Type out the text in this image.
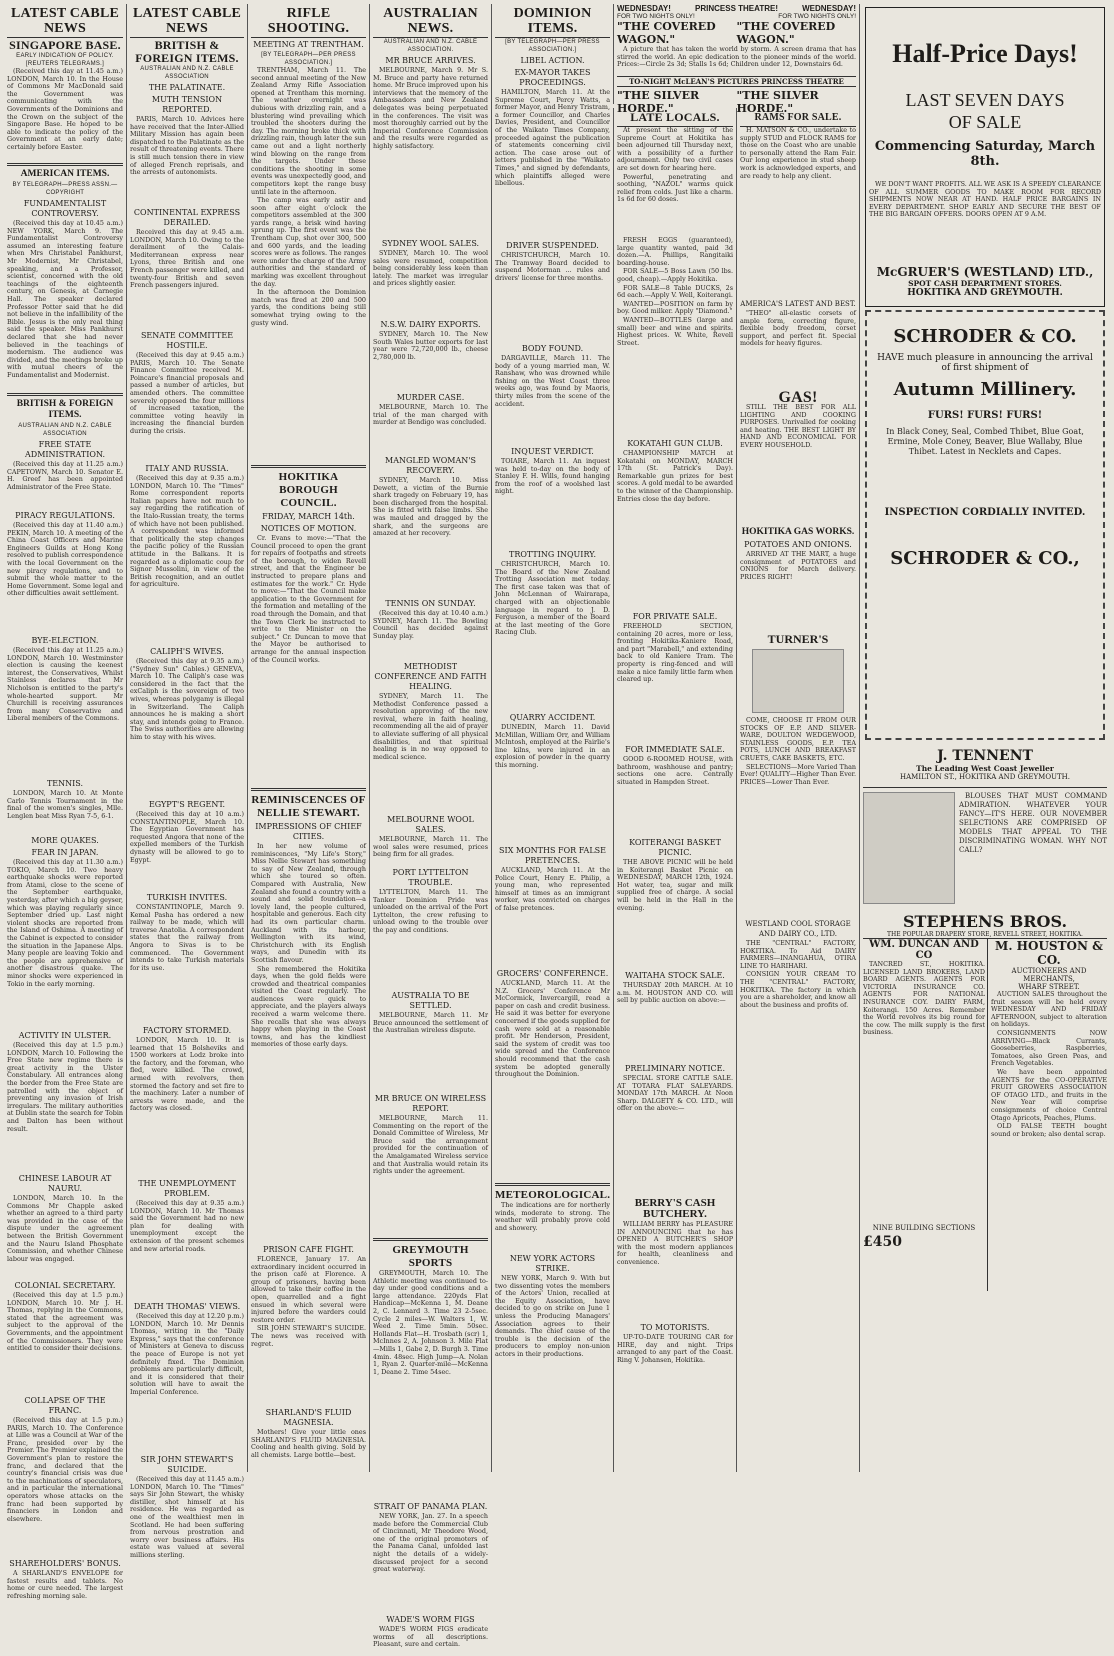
LATEST CABLE NEWS
SINGAPORE BASE.
EARLY INDICATION OF POLICY.
[REUTERS TELEGRAMS.]

(Received this day at 11.45 a.m.) LONDON, March 10. In the House of Commons Mr MacDonald said the Government was communicating with the Governments of the Dominions and the Crown on the subject of the Singapore Base. He hoped to be able to indicate the policy of the Government at an early date; certainly before Easter.

AMERICAN ITEMS.
BY TELEGRAPH—PRESS ASSN.—COPYRIGHT
FUNDAMENTALIST CONTROVERSY.

(Received this day at 10.45 a.m.) NEW YORK, March 9. The Fundamentalist Controversy assumed an interesting feature when Mrs Christabel Pankhurst, Mr Modernist, Mr Christabel, speaking, and a Professor, scientist, concerned with the old teachings of the eighteenth century, on Genesis, at Carnegie Hall. The speaker declared Professor Potter said that he did not believe in the infallibility of the Bible. Jesus is the only real thing said the speaker. Miss Pankhurst declared that she had never believed in the teachings of modernism. The audience was divided, and the meetings broke up with mutual cheers of the Fundamentalist and Modernist.

BRITISH & FOREIGN ITEMS.
AUSTRALIAN AND N.Z. CABLE ASSOCIATION
FREE STATE ADMINISTRATION.

(Received this day at 11.25 a.m.) CAPETOWN, March 10. Senator E. H. Greef has been appointed Administrator of the Free State.

PIRACY REGULATIONS.

(Received this day at 11.40 a.m.) PEKIN, March 10. A meeting of the China Coast Officers and Marine Engineers Guilds at Hong Kong resolved to publish correspondence with the local Government on the new piracy regulations, and to submit the whole matter to the Home Government. Some legal and other difficulties await settlement.

BYE-ELECTION.

(Received this day at 11.25 a.m.) LONDON, March 10. Westminster election is causing the keenest interest, the Conservatives, Whilst Stainless declares that Mr Nicholson is entitled to the party's whole-hearted support. Mr Churchill is receiving assurances from many Conservative and Liberal members of the Commons.

TENNIS.

LONDON, March 10. At Monte Carlo Tennis Tournament in the final of the women's singles, Mlle. Lenglen beat Miss Ryan 7-5, 6-1.

MORE QUAKES.
FEAR IN JAPAN.

(Received this day at 11.30 a.m.) TOKIO, March 10. Two heavy earthquake shocks were reported from Atami, close to the scene of the September earthquake, yesterday, after which a big geyser, which was playing regularly since September dried up. Last night violent shocks are reported from the Island of Oshima. A meeting of the Cabinet is expected to consider the situation in the Japanese Alps. Many people are leaving Tokio and the people are apprehensive of another disastrous quake. The minor shocks were experienced in Tokio in the early morning.

ACTIVITY IN ULSTER.

(Received this day at 1.5 p.m.) LONDON, March 10. Following the Free State new regime there is great activity in the Ulster Constabulary. All entrances along the border from the Free State are patrolled with the object of preventing any invasion of Irish irregulars. The military authorities at Dublin state the search for Tobin and Dalton has been without result.

CHINESE LABOUR AT NAURU.

LONDON, March 10. In the Commons Mr Chapple asked whether an agreed to a third party was provided in the case of the dispute under the agreement between the British Government and the Nauru Island Phosphate Commission, and whether Chinese labour was engaged.

COLONIAL SECRETARY.

(Received this day at 1.5 p.m.) LONDON, March 10. Mr J. H. Thomas, replying in the Commons, stated that the agreement was subject to the approval of the Governments, and the appointment of the Commissioners. They were entitled to consider their decisions.

COLLAPSE OF THE FRANC.

(Received this day at 1.5 p.m.) PARIS, March 10. The Conference at Lille was a Council at War of the Franc, presided over by the Premier. The Premier explained the Government's plan to restore the franc, and declared that the country's financial crisis was due to the machinations of speculators, and in particular the international operators whose attacks on the franc had been supported by financiers in London and elsewhere.

SHAREHOLDERS' BONUS.

A SHARLAND'S ENVELOPE for fastest results and tablets. No home or cure needed. The largest refreshing morning sale.

LATEST CABLE NEWS
BRITISH & FOREIGN ITEMS.
AUSTRALIAN AND N.Z. CABLE ASSOCIATION
THE PALATINATE.
MUTH TENSION REPORTED.

PARIS, March 10. Advices here have received that the Inter-Allied Military Mission has again been dispatched to the Palatinate as the result of threatening events. There is still much tension there in view of alleged French reprisals, and the arrests of autonomists.

CONTINENTAL EXPRESS DERAILED.

Received this day at 9.45 a.m. LONDON, March 10. Owing to the derailment of the Calais-Mediterranean express near Lyons, three British and one French passenger were killed, and twenty-four British and seven French passengers injured.

SENATE COMMITTEE HOSTILE.

(Received this day at 9.45 a.m.) PARIS, March 10. The Senate Finance Committee received M. Poincare's financial proposals and passed a number of articles, but amended others. The committee severely opposed the four millions of increased taxation, the committee voting heavily in increasing the financial burden during the crisis.

ITALY AND RUSSIA.

(Received this day at 9.35 a.m.) LONDON, March 10. The "Times" Rome correspondent reports Italian papers have not much to say regarding the ratification of the Italo-Russian treaty, the terms of which have not been published. A correspondent was informed that politically the step changes the pacific policy of the Russian attitude in the Balkans. It is regarded as a diplomatic coup for Signor Mussolini, in view of the British recognition, and an outlet for agriculture.

CALIPH'S WIVES.

(Received this day at 9.35 a.m.) ("Sydney Sun" Cables.) GENEVA, March 10. The Caliph's case was considered in the fact that the exCaliph is the sovereign of two wives, whereas polygamy is illegal in Switzerland. The Caliph announces he is making a short stay, and intends going to France. The Swiss authorities are allowing him to stay with his wives.

EGYPT'S REGENT.

(Received this day at 10 a.m.) CONSTANTINOPLE, March 10. The Egyptian Government has requested Angora that none of the expelled members of the Turkish dynasty will be allowed to go to Egypt.

TURKISH INVITES.

CONSTANTINOPLE, March 9. Kemal Pasha has ordered a new railway to be made, which will traverse Anatolia. A correspondent states that the railway from Angora to Sivas is to be commenced. The Government intends to take Turkish materials for its use.

FACTORY STORMED.

LONDON, March 10. It is learned that 15 Bolsheviks and 1500 workers at Lodz broke into the factory, and the foreman, who fled, were killed. The crowd, armed with revolvers, then stormed the factory and set fire to the machinery. Later a number of arrests were made, and the factory was closed.

THE UNEMPLOYMENT PROBLEM.

(Received this day at 9.35 a.m.) LONDON, March 10. Mr Thomas said the Government had no new plan for dealing with unemployment except the extension of the present schemes and new arterial roads.

DEATH THOMAS' VIEWS.

(Received this day at 12.20 p.m.) LONDON, March 10. Mr Dennis Thomas, writing in the "Daily Express," says that the conference of Ministers at Geneva to discuss the peace of Europe is not yet definitely fixed. The Dominion problems are particularly difficult, and it is considered that their solution will have to await the Imperial Conference.

SIR JOHN STEWART'S SUICIDE.

(Received this day at 11.45 a.m.) LONDON, March 10. The "Times" says Sir John Stewart, the whisky distiller, shot himself at his residence. He was regarded as one of the wealthiest men in Scotland. He had been suffering from nervous prostration and worry over business affairs. His estate was valued at several millions sterling.

RIFLE SHOOTING.
MEETING AT TRENTHAM.
[BY TELEGRAPH—PER PRESS ASSOCIATION.]

TRENTHAM, March 11. The second annual meeting of the New Zealand Army Rifle Association opened at Trentham this morning. The weather overnight was dubious with drizzling rain, and a blustering wind prevailing which troubled the shooters during the day. The morning broke thick with drizzling rain, though later the sun came out and a light northerly wind blowing on the range from the targets. Under these conditions the shooting in some events was unexpectedly good, and competitors kept the range busy until late in the afternoon.

The camp was early astir and soon after eight o'clock the competitors assembled at the 300 yards range, a brisk wind having sprung up. The first event was the Trentham Cup, shot over 300, 500 and 600 yards, and the leading scores were as follows. The ranges were under the charge of the Army authorities and the standard of marking was excellent throughout the day.

In the afternoon the Dominion match was fired at 200 and 500 yards, the conditions being still somewhat trying owing to the gusty wind.

HOKITIKA BOROUGH COUNCIL.
FRIDAY, MARCH 14th.
NOTICES OF MOTION.

Cr. Evans to move:—"That the Council proceed to open the grant for repairs of footpaths and streets of the borough, to widen Revell street, and that the Engineer be instructed to prepare plans and estimates for the work." Cr. Hyde to move:—"That the Council make application to the Government for the formation and metalling of the road through the Domain, and that the Town Clerk be instructed to write to the Minister on the subject." Cr. Duncan to move that the Mayor be authorised to arrange for the annual inspection of the Council works.

REMINISCENCES OF NELLIE STEWART.
IMPRESSIONS OF CHIEF CITIES.

In her new volume of reminiscences, "My Life's Story," Miss Nellie Stewart has something to say of New Zealand, through which she toured so often. Compared with Australia, New Zealand she found a country with a sound and solid foundation—a lovely land, the people cultured, hospitable and generous. Each city had its own particular charm. Auckland with its harbour, Wellington with its wind, Christchurch with its English ways, and Dunedin with its Scottish flavour.

She remembered the Hokitika days, when the gold fields were crowded and theatrical companies visited the Coast regularly. The audiences were quick to appreciate, and the players always received a warm welcome there. She recalls that she was always happy when playing in the Coast towns, and has the kindliest memories of those early days.

PRISON CAFE FIGHT.

FLORENCE, January 17. An extraordinary incident occurred in the prison café at Florence. A group of prisoners, having been allowed to take their coffee in the open, quarrelled and a fight ensued in which several were injured before the warders could restore order.

SIR JOHN STEWART'S SUICIDE. The news was received with regret.

SHARLAND'S FLUID MAGNESIA.

Mothers! Give your little ones SHARLAND'S FLUID MAGNESIA. Cooling and health giving. Sold by all chemists. Large bottle—best.

AUSTRALIAN NEWS.
AUSTRALIAN AND N.Z. CABLE ASSOCIATION.
MR BRUCE ARRIVES.

MELBOURNE, March 9. Mr S. M. Bruce and party have returned home. Mr Bruce improved upon his interviews that the memory of the Ambassadors and New Zealand delegates was being perpetuated in the conferences. The visit was most thoroughly carried out by the Imperial Conference Commission and the results were regarded as highly satisfactory.

SYDNEY WOOL SALES.

SYDNEY, March 10. The wool sales were resumed, competition being considerably less keen than lately. The market was irregular and prices slightly easier.

N.S.W. DAIRY EXPORTS.

SYDNEY, March 10. The New South Wales butter exports for last year were 72,720,000 lb., cheese 2,780,000 lb.

MURDER CASE.

MELBOURNE, March 10. The trial of the man charged with murder at Bendigo was concluded.

MANGLED WOMAN'S RECOVERY.

SYDNEY, March 10. Miss Dewett, a victim of the Burnie shark tragedy on February 19, has been discharged from the hospital. She is fitted with false limbs. She was mauled and dragged by the shark, and the surgeons are amazed at her recovery.

TENNIS ON SUNDAY.

(Received this day at 10.40 a.m.) SYDNEY, March 11. The Bowling Council has decided against Sunday play.

METHODIST CONFERENCE AND FAITH HEALING.

SYDNEY, March 11. The Methodist Conference passed a resolution approving of the new revival, where in faith healing, recommending all the aid of prayer to alleviate suffering of all physical disabilities, and that spiritual healing is in no way opposed to medical science.

MELBOURNE WOOL SALES.

MELBOURNE, March 11. The wool sales were resumed, prices being firm for all grades.

PORT LYTTELTON TROUBLE.

LYTTELTON, March 11. The Tanker Dominion Pride was unloaded on the arrival of the Port Lyttelton, the crew refusing to unload owing to the trouble over the pay and conditions.

AUSTRALIA TO BE SETTLED.

MELBOURNE, March 11. Mr Bruce announced the settlement of the Australian wireless dispute.

MR BRUCE ON WIRELESS REPORT.

MELBOURNE, March 11. Commenting on the report of the Donald Committee of Wireless, Mr Bruce said the arrangement provided for the continuation of the Amalgamated Wireless service and that Australia would retain its rights under the agreement.

GREYMOUTH SPORTS

GREYMOUTH, March 10. The Athletic meeting was continued to-day under good conditions and a large attendance. 220yds Flat Handicap—McKenna 1, M. Deane 2, C. Lennard 3. Time 23 2-5sec. Cycle 2 miles—W. Walters 1, W. Weed 2. Time 5min. 50sec. Hollands Flat—H. Trosbath (scr) 1, McInnes 2, A. Johnson 3. Mile Flat—Mills 1, Gabe 2, D. Burgh 3. Time 4min. 48sec. High Jump—A. Nolan 1, Ryan 2. Quarter-mile—McKenna 1, Deane 2. Time 54sec.

STRAIT OF PANAMA PLAN.

NEW YORK, Jan. 27. In a speech made before the Commercial Club of Cincinnati, Mr Theodore Wood, one of the original promoters of the Panama Canal, unfolded last night the details of a widely-discussed project for a second great waterway.

WADE'S WORM FIGS

WADE'S WORM FIGS eradicate worms of all descriptions. Pleasant, sure and certain.

DOMINION ITEMS.
[BY TELEGRAPH—PER PRESS ASSOCIATION.]
LIBEL ACTION.
EX-MAYOR TAKES PROCEEDINGS.

HAMILTON, March 11. At the Supreme Court, Percy Watts, a former Mayor, and Henry Tristram, a former Councillor, and Charles Davies, President, and Councillor of the Waikato Times Company, proceeded against the publication of statements concerning civil action. The case arose out of letters published in the "Waikato Times," and signed by defendants, which plaintiffs alleged were libellous.

DRIVER SUSPENDED.

CHRISTCHURCH, March 10. The Tramway Board decided to suspend Motorman ... rules and drivers' license for three months.

BODY FOUND.

DARGAVILLE, March 11. The body of a young married man, W. Ranshaw, who was drowned while fishing on the West Coast three weeks ago, was found by Maoris, thirty miles from the scene of the accident.

INQUEST VERDICT.

TOIARE, March 11. An inquest was held to-day on the body of Stanley F. H. Wills, found hanging from the roof of a woolshed last night.

TROTTING INQUIRY.

CHRISTCHURCH, March 10. The Board of the New Zealand Trotting Association met today. The first case taken was that of John McLennan of Wairarapa, charged with an objectionable language in regard to J. D. Ferguson, a member of the Board at the last meeting of the Gore Racing Club.

QUARRY ACCIDENT.

DUNEDIN, March 11. David McMillan, William Orr, and William McIntosh, employed at the Fairlie's line kilns, were injured in an explosion of powder in the quarry this morning.

SIX MONTHS FOR FALSE PRETENCES.

AUCKLAND, March 11. At the Police Court, Henry E. Philip, a young man, who represented himself at times as an immigrant worker, was convicted on charges of false pretences.

GROCERS' CONFERENCE.

AUCKLAND, March 11. At the N.Z. Grocers' Conference Mr McCormick, Invercargill, read a paper on cash and credit business. He said it was better for everyone concerned if the goods supplied for cash were sold at a reasonable profit. Mr Henderson, President, said the system of credit was too wide spread and the Conference should recommend that the cash system be adopted generally throughout the Dominion.

METEOROLOGICAL.

The indications are for northerly winds, moderate to strong. The weather will probably prove cold and showery.

NEW YORK ACTORS STRIKE.

NEW YORK, March 9. With but two dissenting votes the members of the Actors' Union, recalled at the Equity Association, have decided to go on strike on June 1 unless the Producing Managers' Association agrees to their demands. The chief cause of the trouble is the decision of the producers to employ non-union actors in their productions.

WEDNESDAY!	PRINCESS THEATRE!	WEDNESDAY!
FOR TWO NIGHTS ONLY!	FOR TWO NIGHTS ONLY!
"THE COVERED WAGON."
"THE COVERED WAGON."

A picture that has taken the world by storm. A screen drama that has stirred the world. An epic dedication to the pioneer minds of the world. Prices:—Circle 2s 3d; Stalls 1s 6d; Children under 12, Downstairs 6d.

TO-NIGHT McLEAN'S PICTURES PRINCESS THEATRE
"THE SILVER HORDE."
"THE SILVER HORDE."
LATE LOCALS.

At present the sitting of the Supreme Court at Hokitika has been adjourned till Thursday next, with a possibility of a further adjournment. Only two civil cases are set down for hearing here.

Powerful, penetrating and soothing, "NAZOL" warms quick relief from colds. Just like a charm. 1s 6d for 60 doses.

FRESH EGGS (guaranteed), large quantity wanted, paid 3d dozen.—A. Phillips, Rangitaiki boarding-house.

FOR SALE—5 Boss Lawn (50 lbs. good, cheap).—Apply Hokitika.

FOR SALE—8 Table DUCKS, 2s 6d each.—Apply V. Well, Koiterangi.

WANTED—POSITION on farm by boy. Good milker. Apply "Diamond."

WANTED—BOTTLES (large and small) beer and wine and spirits. Highest prices. W. White, Revell Street.

KOKATAHI GUN CLUB.

CHAMPIONSHIP MATCH at Kokatahi on MONDAY, MARCH 17th (St. Patrick's Day). Remarkable gun prizes for best scores. A gold medal to be awarded to the winner of the Championship. Entries close the day before.

FOR PRIVATE SALE.

FREEHOLD SECTION, containing 20 acres, more or less, fronting Hokitika-Kaniere Road, and part "Marabell," and extending back to old Kaniere Tram. The property is ring-fenced and will make a nice family little farm when cleared up.

FOR IMMEDIATE SALE.

GOOD 6-ROOMED HOUSE, with bathroom, washhouse and pantry; sections one acre. Centrally situated in Hampden Street.

KOITERANGI BASKET PICNIC.

THE ABOVE PICNIC will be held in Koiterangi Basket Picnic on WEDNESDAY, MARCH 12th, 1924. Hot water, tea, sugar and milk supplied free of charge. A social will be held in the Hall in the evening.

WAITAHA STOCK SALE.

THURSDAY 20th MARCH. At 10 a.m. M. HOUSTON AND CO. will sell by public auction on above:—

PRELIMINARY NOTICE.

SPECIAL STORE CATTLE SALE. AT TOTARA FLAT SALEYARDS. MONDAY 17th MARCH. At Noon Sharp. DALGETY & CO. LTD., will offer on the above:—

BERRY'S CASH BUTCHERY.

WILLIAM BERRY has PLEASURE IN ANNOUNCING that he has OPENED A BUTCHER'S SHOP with the most modern appliances for health, cleanliness and convenience.

TO MOTORISTS.

UP-TO-DATE TOURING CAR for HIRE, day and night. Trips arranged to any part of the Coast. Ring V. Johansen, Hokitika.

RAMS FOR SALE.

H. MATSON & CO., undertake to supply STUD and FLOCK RAMS for those on the Coast who are unable to personally attend the Ram Fair. Our long experience in stud sheep work is acknowledged experts, and are ready to help any client.

AMERICA'S LATEST AND BEST.

"THEO" all-elastic corsets of ample form, correcting figure, flexible body freedom, corset support, and perfect fit. Special models for heavy figures.

GAS!

STILL THE BEST FOR ALL LIGHTING AND COOKING PURPOSES. Unrivalled for cooking and heating. THE BEST LIGHT BY HAND AND ECONOMICAL FOR EVERY HOUSEHOLD.

HOKITIKA GAS WORKS.
POTATOES AND ONIONS.

ARRIVED AT THE MART, a huge consignment of POTATOES and ONIONS for March delivery. PRICES RIGHT!

TURNER'S

COME, CHOOSE IT FROM OUR STOCKS OF E.P. AND SILVER-WARE, DOULTON WEDGEWOOD, STAINLESS GOODS, E.P. TEA POTS, LUNCH AND BREAKFAST CRUETS, CAKE BASKETS, ETC.

SELECTIONS—More Varied Than Ever! QUALITY—Higher Than Ever. PRICES—Lower Than Ever.

WESTLAND COOL STORAGE AND DAIRY CO., LTD.

THE "CENTRAL" FACTORY, HOKITIKA. To Aid DAIRY FARMERS—INANGAHUA, OTIRA LINE TO HARIHARI.

CONSIGN YOUR CREAM TO THE "CENTRAL" FACTORY, HOKITIKA. The factory in which you are a shareholder, and know all about the business and profits of.

Half-Price Days!
LAST SEVEN DAYS
OF SALE
Commencing Saturday, March 8th.

WE DON'T WANT PROFITS. ALL WE ASK IS A SPEEDY CLEARANCE OF ALL SUMMER GOODS TO MAKE ROOM FOR RECORD SHIPMENTS NOW NEAR AT HAND. HALF PRICE BARGAINS IN EVERY DEPARTMENT. SHOP EARLY AND SECURE THE BEST OF THE BIG BARGAIN OFFERS. DOORS OPEN AT 9 A.M.

McGRUER'S (WESTLAND) LTD.,
SPOT CASH DEPARTMENT STORES.
HOKITIKA AND GREYMOUTH.
SCHRODER & CO.
HAVE much pleasure in announcing the arrival of first shipment of
Autumn Millinery.
FURS! FURS! FURS!
In Black Coney, Seal, Combed Thibet, Blue Goat, Ermine, Mole Coney, Beaver, Blue Wallaby, Blue Thibet. Latest in Necklets and Capes.
INSPECTION CORDIALLY INVITED.
SCHRODER & CO.,
J. TENNENT
The Leading West Coast Jeweller
HAMILTON ST., HOKITIKA AND GREYMOUTH.

BLOUSES THAT MUST COMMAND ADMIRATION. WHATEVER YOUR FANCY—IT'S HERE. OUR NOVEMBER SELECTIONS ARE COMPRISED OF MODELS THAT APPEAL TO THE DISCRIMINATING WOMAN. WHY NOT CALL?

STEPHENS BROS.
THE POPULAR DRAPERY STORE, REVELL STREET, HOKITIKA.
WM. DUNCAN AND CO

TANCRED ST., HOKITIKA. LICENSED LAND BROKERS, LAND BOARD AGENTS. AGENTS FOR VICTORIA INSURANCE CO. AGENTS FOR NATIONAL INSURANCE COY. DAIRY FARM, Koiterangi. 150 Acres. Remember the World revolves its big round for the cow. The milk supply is the first business.

NINE BUILDING SECTIONS
£450
M. HOUSTON & CO.
AUCTIONEERS AND MERCHANTS,
WHARF STREET.

AUCTION SALES throughout the fruit season will be held every WEDNESDAY AND FRIDAY AFTERNOON, subject to alteration on holidays.

CONSIGNMENTS NOW ARRIVING—Black Currants, Gooseberries, Raspberries, Tomatoes, also Green Peas, and French Vegetables.

We have been appointed AGENTS for the CO-OPERATIVE FRUIT GROWERS ASSOCIATION OF OTAGO LTD., and fruits in the New Year will comprise consignments of choice Central Otago Apricots, Peaches, Plums.

OLD FALSE TEETH bought sound or broken; also dental scrap.
